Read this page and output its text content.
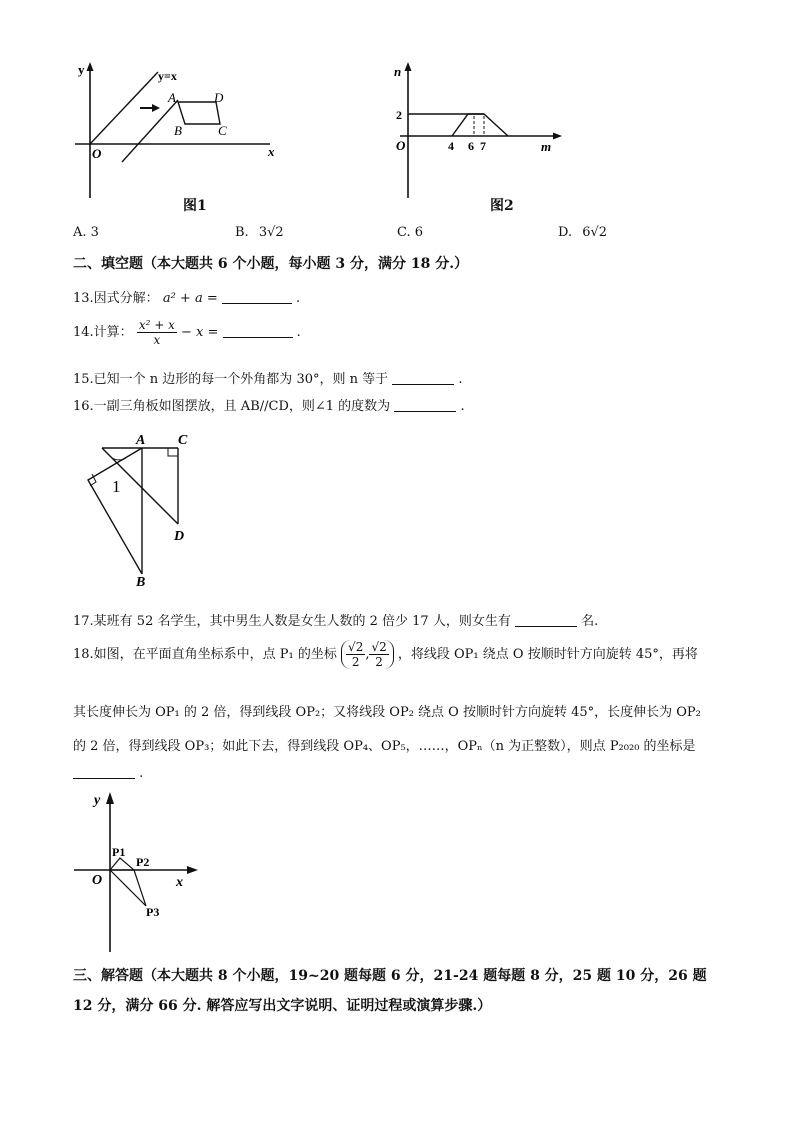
y
x
O
y=x
A	D
B	C
图1
n
m
O
2
4 6 7
图2
A. 3	B. 3√2	C. 6	D. 6√2
二、填空题（本大题共 6 个小题，每小题 3 分，满分 18 分.）
13.因式分解： a² + a =	.
14.计算： $\frac{\text{x² + x}}{x} - x$ =	.
15.已知一个 n 边形的每一个外角都为 30°，则 n 等于	.
16.一副三角板如图摆放，且 AB//CD，则∠1 的度数为	.
A C
1
D
B
17.某班有 52 名学生，其中男生人数是女生人数的 2 倍少 17 人，则女生有	名.
18.如图，在平面直角坐标系中，点 P₁ 的坐标 $\frac{√2}{2}$ , $\frac{√2}{2}$ ，将线段 OP₁ 绕点 O 按顺时针方向旋转 45°，再将
其长度伸长为 OP₁ 的 2 倍，得到线段 OP₂；又将线段 OP₂ 绕点 O 按顺时针方向旋转 45°，长度伸长为 OP₂
的 2 倍，得到线段 OP₃；如此下去，得到线段 OP₄、OP₅，……，OPₙ（n 为正整数），则点 P₂₀₂₀ 的坐标是
.
y
x
O
P1
P2
P3
三、解答题（本大题共 8 个小题，19~20 题每题 6 分，21-24 题每题 8 分，25 题 10 分，26 题
12 分，满分 66 分. 解答应写出文字说明、证明过程或演算步骤.）
